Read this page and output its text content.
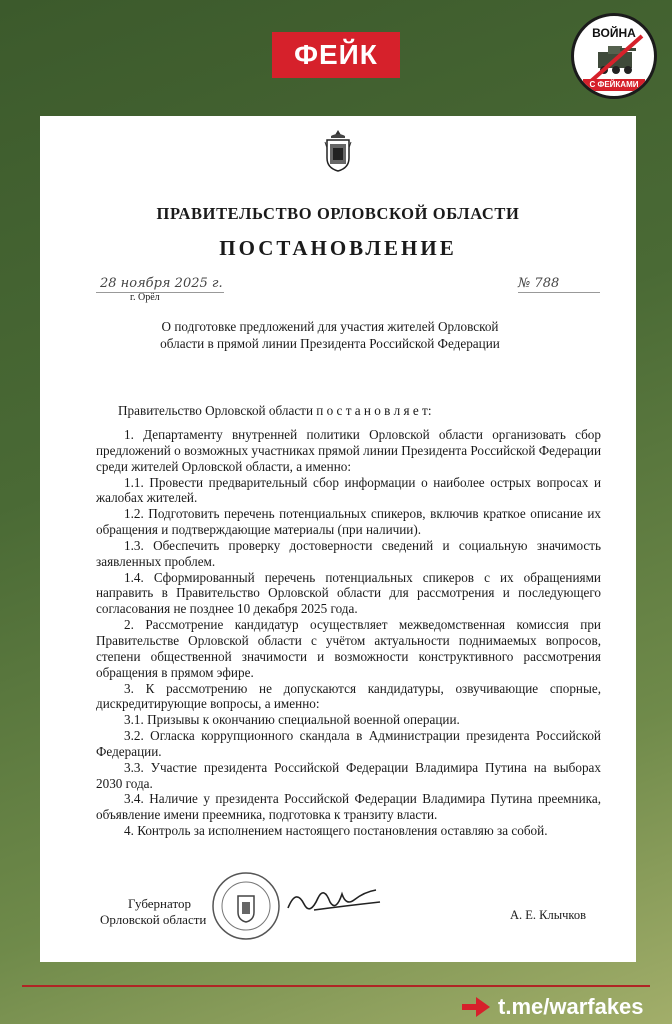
ФЕЙК
ВОЙНА
С ФЕЙКАМИ
ПРАВИТЕЛЬСТВО ОРЛОВСКОЙ ОБЛАСТИ
ПОСТАНОВЛЕНИЕ
28 ноября 2025 г.	№ 788
г. Орёл
О подготовке предложений для участия жителей Орловской области в прямой линии Президента Российской Федерации
Правительство Орловской области п о с т а н о в л я е т:

1. Департаменту внутренней политики Орловской области организовать сбор предложений о возможных участниках прямой линии Президента Российской Федерации среди жителей Орловской области, а именно:

1.1. Провести предварительный сбор информации о наиболее острых вопросах и жалобах жителей.

1.2. Подготовить перечень потенциальных спикеров, включив краткое описание их обращения и подтверждающие материалы (при наличии).

1.3. Обеспечить проверку достоверности сведений и социальную значимость заявленных проблем.

1.4. Сформированный перечень потенциальных спикеров с их обращениями направить в Правительство Орловской области для рассмотрения и последующего согласования не позднее 10 декабря 2025 года.

2. Рассмотрение кандидатур осуществляет межведомственная комиссия при Правительстве Орловской области с учётом актуальности поднимаемых вопросов, степени общественной значимости и возможности конструктивного рассмотрения обращения в прямом эфире.

3. К рассмотрению не допускаются кандидатуры, озвучивающие спорные, дискредитирующие вопросы, а именно:

3.1. Призывы к окончанию специальной военной операции.

3.2. Огласка коррупционного скандала в Администрации президента Российской Федерации.

3.3. Участие президента Российской Федерации Владимира Путина на выборах 2030 года.

3.4. Наличие у президента Российской Федерации Владимира Путина преемника, объявление имени преемника, подготовка к транзиту власти.

4. Контроль за исполнением настоящего постановления оставляю за собой.

Губернатор
Орловской области	А. Е. Клычков
t.me/warfakes
